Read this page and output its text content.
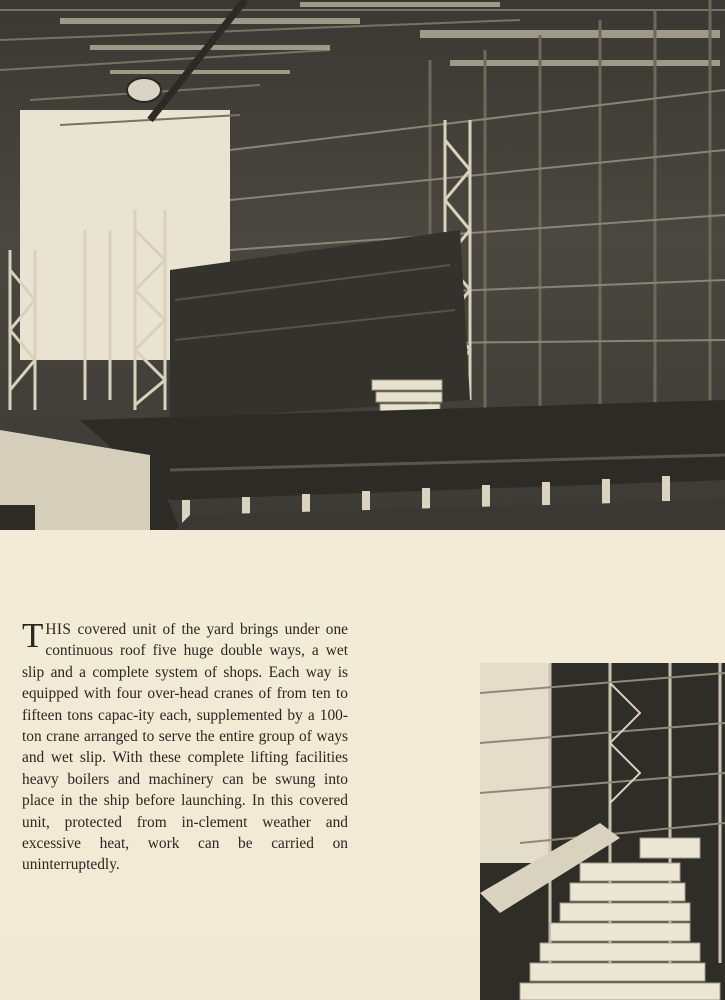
THIS covered unit of the yard brings under one continuous roof five huge double ways, a wet slip and a complete system of shops. Each way is equipped with four over-head cranes of from ten to fifteen tons capac-ity each, supplemented by a 100-ton crane arranged to serve the entire group of ways and wet slip. With these complete lifting facilities heavy boilers and machinery can be swung into place in the ship before launching. In this covered unit, protected from in-clement weather and excessive heat, work can be carried on uninterruptedly.
